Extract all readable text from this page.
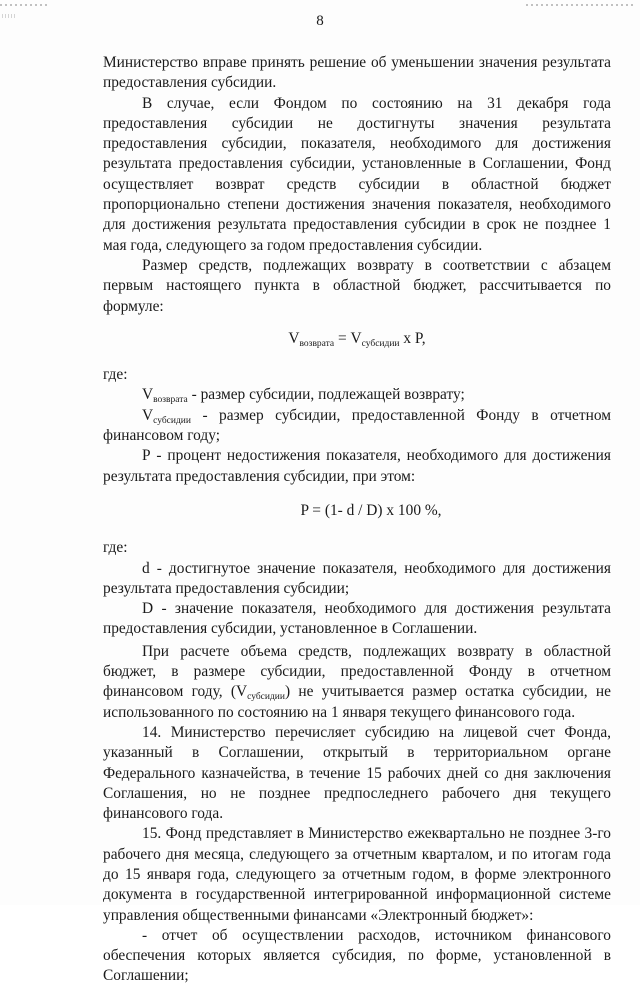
8

Министерство вправе принять решение об уменьшении значения результата предоставления субсидии.

В случае, если Фондом по состоянию на 31 декабря года предоставления субсидии не достигнуты значения результата предоставления субсидии, показателя, необходимого для достижения результата предоставления субсидии, установленные в Соглашении, Фонд осуществляет возврат средств субсидии в областной бюджет пропорционально степени достижения значения показателя, необходимого для достижения результата предоставления субсидии в срок не позднее 1 мая года, следующего за годом предоставления субсидии.

Размер средств, подлежащих возврату в соответствии с абзацем первым настоящего пункта в областной бюджет, рассчитывается по формуле:

$V_{возврата} = V_{субсидии}$ x P,

где:

$V_{возврата}$ - размер субсидии, подлежащей возврату;

$V_{субсидии}$ - размер субсидии, предоставленной Фонду в отчетном финансовом году;

Р - процент недостижения показателя, необходимого для достижения результата предоставления субсидии, при этом:

P = (1- d / D) x 100 %,

где:

d - достигнутое значение показателя, необходимого для достижения результата предоставления субсидии;

D - значение показателя, необходимого для достижения результата предоставления субсидии, установленное в Соглашении.

При расчете объема средств, подлежащих возврату в областной бюджет, в размере субсидии, предоставленной Фонду в отчетном финансовом году, $(V_{субсидии})$ не учитывается размер остатка субсидии, не использованного по состоянию на 1 января текущего финансового года.

14. Министерство перечисляет субсидию на лицевой счет Фонда, указанный в Соглашении, открытый в территориальном органе Федерального казначейства, в течение 15 рабочих дней со дня заключения Соглашения, но не позднее предпоследнего рабочего дня текущего финансового года.

15. Фонд представляет в Министерство ежеквартально не позднее 3-го рабочего дня месяца, следующего за отчетным кварталом, и по итогам года до 15 января года, следующего за отчетным годом, в форме электронного документа в государственной интегрированной информационной системе управления общественными финансами «Электронный бюджет»:

- отчет об осуществлении расходов, источником финансового обеспечения которых является субсидия, по форме, установленной в Соглашении;
